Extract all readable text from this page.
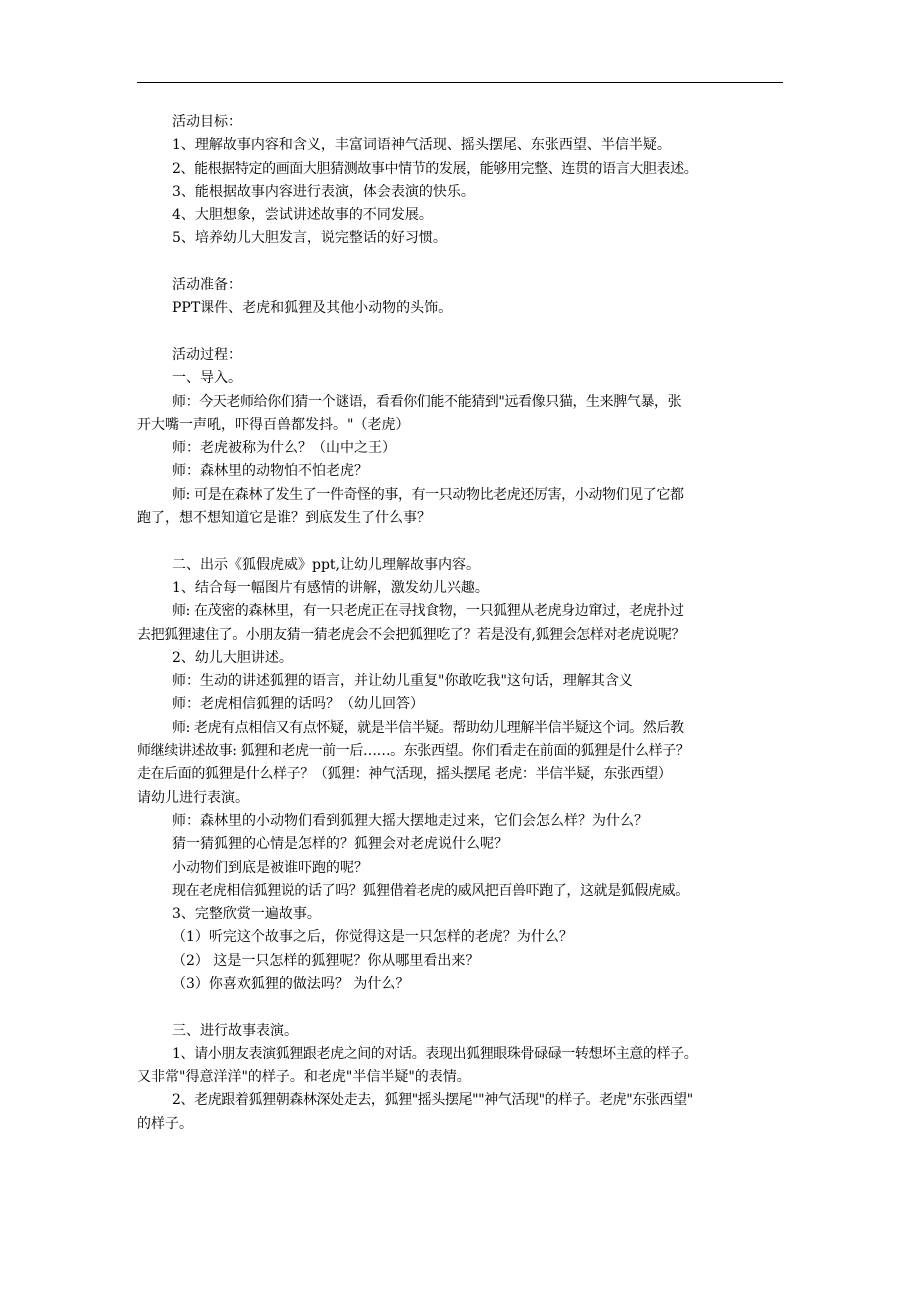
活动目标：

1、理解故事内容和含义，丰富词语神气活现、摇头摆尾、东张西望、半信半疑。

2、能根据特定的画面大胆猜测故事中情节的发展，能够用完整、连贯的语言大胆表述。

3、能根据故事内容进行表演，体会表演的快乐。

4、大胆想象，尝试讲述故事的不同发展。

5、培养幼儿大胆发言，说完整话的好习惯。

活动准备：

PPT课件、老虎和狐狸及其他小动物的头饰。

活动过程：

一、导入。

师：今天老师给你们猜一个谜语，看看你们能不能猜到"远看像只猫，生来脾气暴，张

开大嘴一声吼，吓得百兽都发抖。"（老虎）

师：老虎被称为什么？（山中之王）

师：森林里的动物怕不怕老虎？

师: 可是在森林了发生了一件奇怪的事，有一只动物比老虎还厉害，小动物们见了它都

跑了，想不想知道它是谁？到底发生了什么事？

二、出示《狐假虎威》ppt,让幼儿理解故事内容。

1、结合每一幅图片有感情的讲解，激发幼儿兴趣。

师: 在茂密的森林里，有一只老虎正在寻找食物，一只狐狸从老虎身边窜过，老虎扑过

去把狐狸逮住了。小朋友猜一猜老虎会不会把狐狸吃了？若是没有,狐狸会怎样对老虎说呢？

2、幼儿大胆讲述。

师：生动的讲述狐狸的语言，并让幼儿重复"你敢吃我"这句话，理解其含义

师：老虎相信狐狸的话吗？（幼儿回答）

师: 老虎有点相信又有点怀疑，就是半信半疑。帮助幼儿理解半信半疑这个词。然后教

师继续讲述故事: 狐狸和老虎一前一后……。东张西望。你们看走在前面的狐狸是什么样子？

走在后面的狐狸是什么样子？（狐狸：神气活现，摇头摆尾 老虎：半信半疑，东张西望）

请幼儿进行表演。

师：森林里的小动物们看到狐狸大摇大摆地走过来，它们会怎么样？为什么？

猜一猜狐狸的心情是怎样的？狐狸会对老虎说什么呢？

小动物们到底是被谁吓跑的呢？

现在老虎相信狐狸说的话了吗？狐狸借着老虎的威风把百兽吓跑了，这就是狐假虎威。

3、完整欣赏一遍故事。

（1）听完这个故事之后，你觉得这是一只怎样的老虎？为什么？

（2） 这是一只怎样的狐狸呢？你从哪里看出来？

（3）你喜欢狐狸的做法吗？ 为什么？

三、进行故事表演。

1、请小朋友表演狐狸跟老虎之间的对话。表现出狐狸眼珠骨碌碌一转想坏主意的样子。

又非常"得意洋洋"的样子。和老虎"半信半疑"的表情。

2、老虎跟着狐狸朝森林深处走去，狐狸"摇头摆尾""神气活现"的样子。老虎"东张西望"

的样子。
